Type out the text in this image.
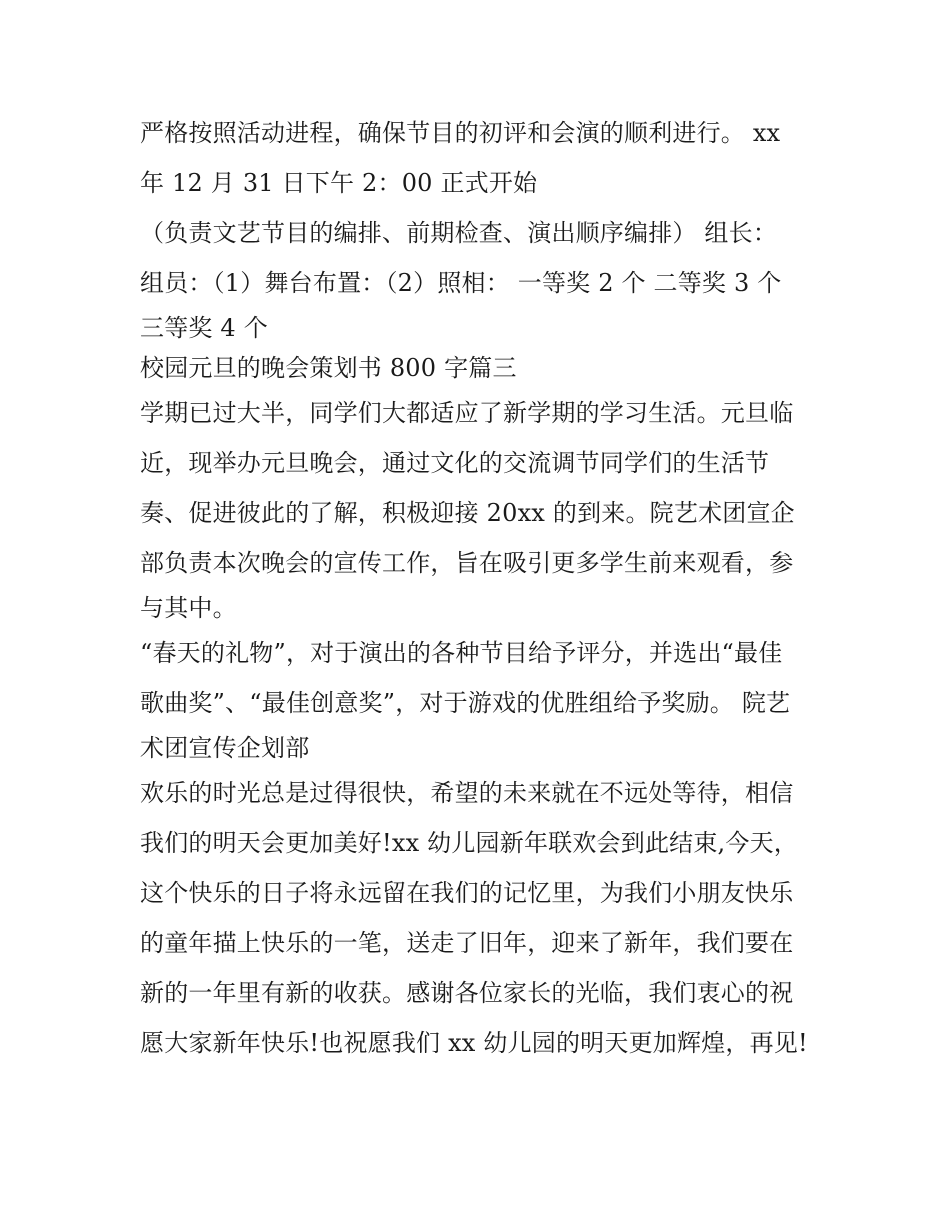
严格按照活动进程，确保节目的初评和会演的顺利进行。 xx
年 12 月 31 日下午 2：00 正式开始
（负责文艺节目的编排、前期检查、演出顺序编排） 组长：
组员：（1）舞台布置：（2）照相： 一等奖 2 个 二等奖 3 个
三等奖 4 个
校园元旦的晚会策划书 800 字篇三
学期已过大半，同学们大都适应了新学期的学习生活。元旦临
近，现举办元旦晚会，通过文化的交流调节同学们的生活节
奏、促进彼此的了解，积极迎接 20xx 的到来。院艺术团宣企
部负责本次晚会的宣传工作，旨在吸引更多学生前来观看，参
与其中。
“春天的礼物”，对于演出的各种节目给予评分，并选出“最佳
歌曲奖”、“最佳创意奖”，对于游戏的优胜组给予奖励。 院艺
术团宣传企划部
欢乐的时光总是过得很快，希望的未来就在不远处等待，相信
我们的明天会更加美好!xx 幼儿园新年联欢会到此结束,今天，
这个快乐的日子将永远留在我们的记忆里，为我们小朋友快乐
的童年描上快乐的一笔，送走了旧年，迎来了新年，我们要在
新的一年里有新的收获。感谢各位家长的光临，我们衷心的祝
愿大家新年快乐!也祝愿我们 xx 幼儿园的明天更加辉煌，再见!
